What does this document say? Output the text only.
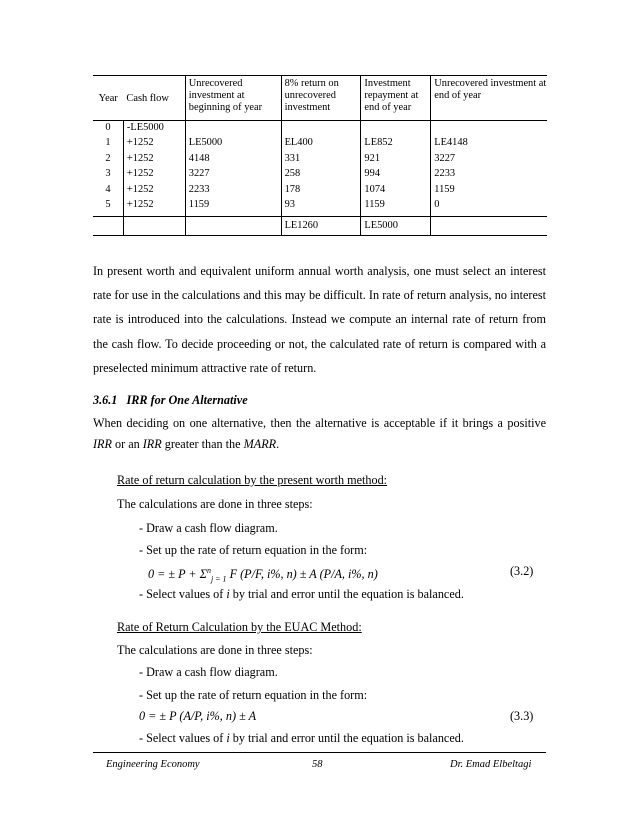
Year	Cash flow	Unrecovered investment at beginning of year	8% return on unrecovered investment	Investment repayment at end of year	Unrecovered investment at end of year
0	-LE5000				
1	+1252	LE5000	EL400	LE852	LE4148
2	+1252	4148	331	921	3227
3	+1252	3227	258	994	2233
4	+1252	2233	178	1074	1159
5	+1252	1159	93	1159	0
			LE1260	LE5000	

In present worth and equivalent uniform annual worth analysis, one must select an interest rate for use in the calculations and this may be difficult. In rate of return analysis, no interest rate is introduced into the calculations. Instead we compute an internal rate of return from the cash flow. To decide proceeding or not, the calculated rate of return is compared with a preselected minimum attractive rate of return.

3.6.1 IRR for One Alternative

When deciding on one alternative, then the alternative is acceptable if it brings a positive IRR or an IRR greater than the MARR.

Rate of return calculation by the present worth method:

The calculations are done in three steps:

- Draw a cash flow diagram.

- Set up the rate of return equation in the form:

0 = ± $P + \Sigma^n_{j = 1}$ F (P/F, i%, n) ± A (P/A, i%, n)	(3.2)

- Select values of i by trial and error until the equation is balanced.

Rate of Return Calculation by the EUAC Method:

The calculations are done in three steps:

- Draw a cash flow diagram.

- Set up the rate of return equation in the form:

0 = ± P (A/P, i%, n) ± A	(3.3)

- Select values of i by trial and error until the equation is balanced.

Engineering Economy	58	Dr. Emad Elbeltagi
